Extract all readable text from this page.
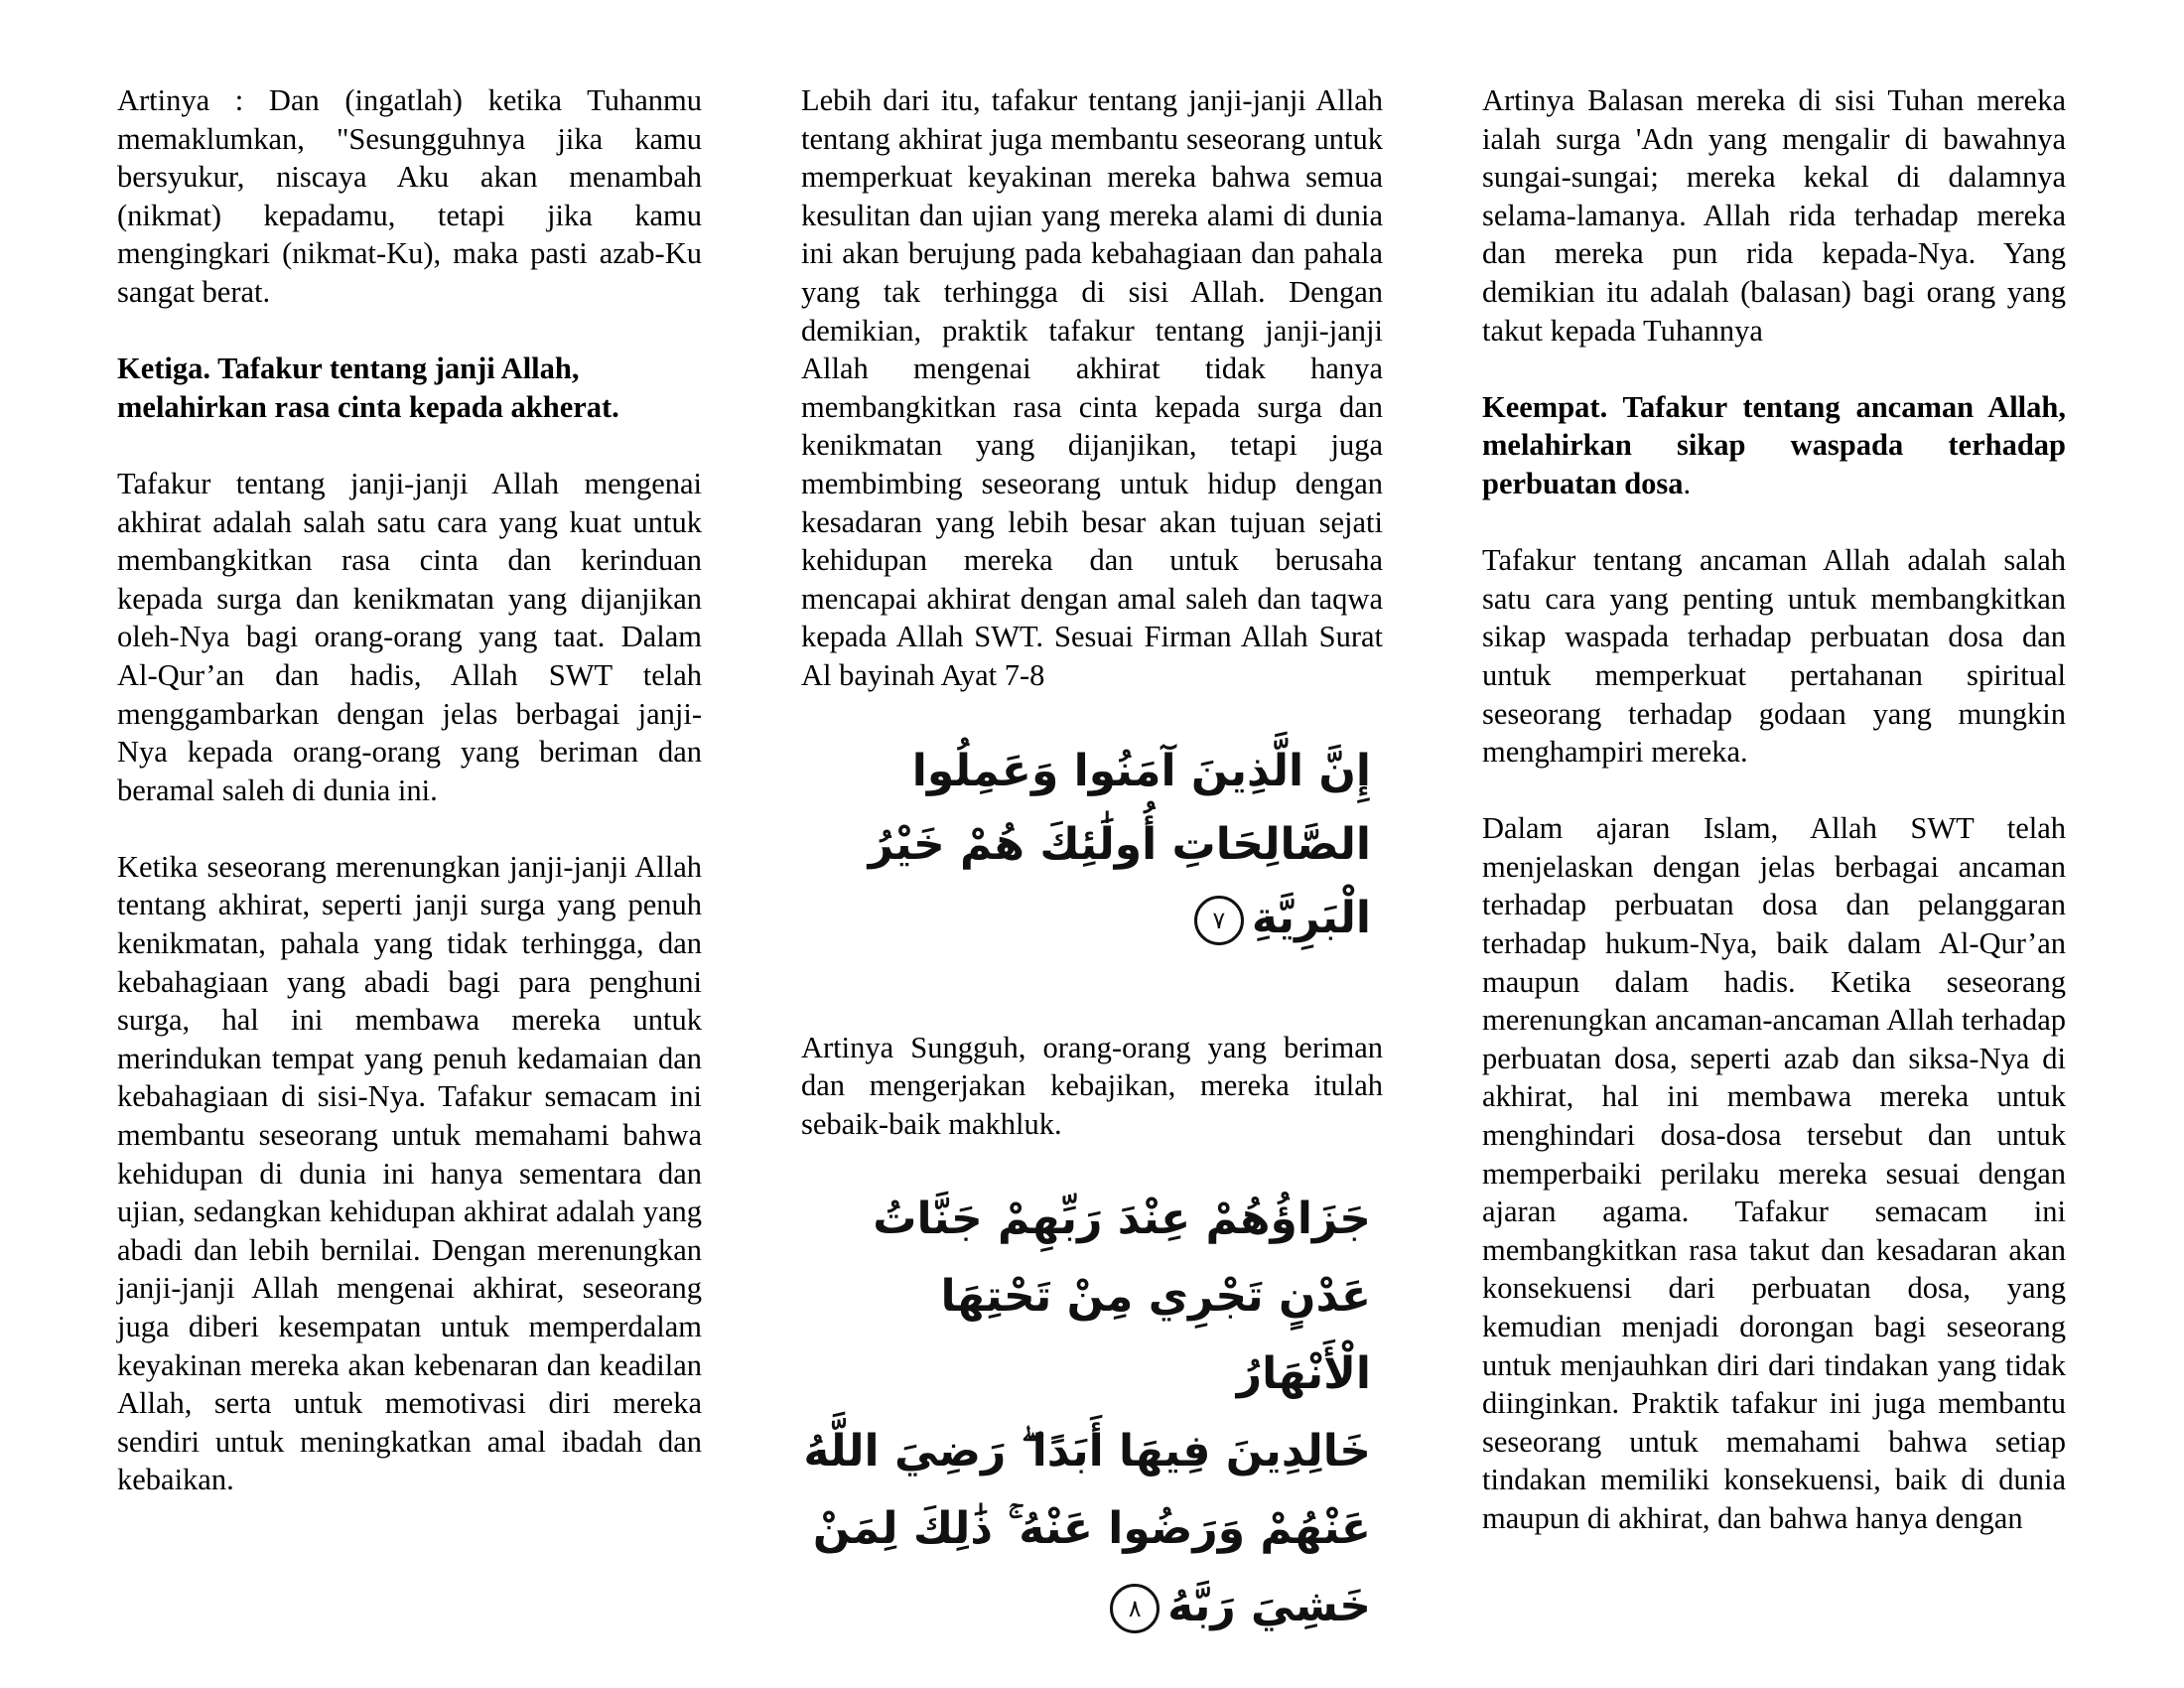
Artinya : Dan (ingatlah) ketika Tuhanmu memaklumkan, "Sesungguhnya jika kamu bersyukur, niscaya Aku akan menambah (nikmat) kepadamu, tetapi jika kamu mengingkari (nikmat-Ku), maka pasti azab-Ku sangat berat.

Ketiga. Tafakur tentang janji Allah,
melahirkan rasa cinta kepada akherat.

Tafakur tentang janji-janji Allah mengenai akhirat adalah salah satu cara yang kuat untuk membangkitkan rasa cinta dan kerinduan kepada surga dan kenikmatan yang dijanjikan oleh-Nya bagi orang-orang yang taat. Dalam Al-Qur’an dan hadis, Allah SWT telah menggambarkan dengan jelas berbagai janji-Nya kepada orang-orang yang beriman dan beramal saleh di dunia ini.

Ketika seseorang merenungkan janji-janji Allah tentang akhirat, seperti janji surga yang penuh kenikmatan, pahala yang tidak terhingga, dan kebahagiaan yang abadi bagi para penghuni surga, hal ini membawa mereka untuk merindukan tempat yang penuh kedamaian dan kebahagiaan di sisi-Nya. Tafakur semacam ini membantu seseorang untuk memahami bahwa kehidupan di dunia ini hanya sementara dan ujian, sedangkan kehidupan akhirat adalah yang abadi dan lebih bernilai. Dengan merenungkan janji-janji Allah mengenai akhirat, seseorang juga diberi kesempatan untuk memperdalam keyakinan mereka akan kebenaran dan keadilan Allah, serta untuk memotivasi diri mereka sendiri untuk meningkatkan amal ibadah dan kebaikan.

Lebih dari itu, tafakur tentang janji-janji Allah tentang akhirat juga membantu seseorang untuk memperkuat keyakinan mereka bahwa semua kesulitan dan ujian yang mereka alami di dunia ini akan berujung pada kebahagiaan dan pahala yang tak terhingga di sisi Allah. Dengan demikian, praktik tafakur tentang janji-janji Allah mengenai akhirat tidak hanya membangkitkan rasa cinta kepada surga dan kenikmatan yang dijanjikan, tetapi juga membimbing seseorang untuk hidup dengan kesadaran yang lebih besar akan tujuan sejati kehidupan mereka dan untuk berusaha mencapai akhirat dengan amal saleh dan taqwa kepada Allah SWT. Sesuai Firman Allah Surat Al bayinah Ayat 7-8

إِنَّ الَّذِينَ آمَنُوا وَعَمِلُوا
الصَّالِحَاتِ أُولَٰئِكَ هُمْ خَيْرُ
الْبَرِيَّةِ٧

Artinya Sungguh, orang-orang yang beriman dan mengerjakan kebajikan, mereka itulah sebaik-baik makhluk.

جَزَاؤُهُمْ عِنْدَ رَبِّهِمْ جَنَّاتُ
عَدْنٍ تَجْرِي مِنْ تَحْتِهَا الْأَنْهَارُ
خَالِدِينَ فِيهَا أَبَدًا ۖ رَضِيَ اللَّهُ
عَنْهُمْ وَرَضُوا عَنْهُ ۚ ذَٰلِكَ لِمَنْ
خَشِيَ رَبَّهُ٨

Artinya Balasan mereka di sisi Tuhan mereka ialah surga 'Adn yang mengalir di bawahnya sungai-sungai; mereka kekal di dalamnya selama-lamanya. Allah rida terhadap mereka dan mereka pun rida kepada-Nya. Yang demikian itu adalah (balasan) bagi orang yang takut kepada Tuhannya

Keempat. Tafakur tentang ancaman Allah, melahirkan sikap waspada terhadap perbuatan dosa.

Tafakur tentang ancaman Allah adalah salah satu cara yang penting untuk membangkitkan sikap waspada terhadap perbuatan dosa dan untuk memperkuat pertahanan spiritual seseorang terhadap godaan yang mungkin menghampiri mereka.

Dalam ajaran Islam, Allah SWT telah menjelaskan dengan jelas berbagai ancaman terhadap perbuatan dosa dan pelanggaran terhadap hukum-Nya, baik dalam Al-Qur’an maupun dalam hadis. Ketika seseorang merenungkan ancaman-ancaman Allah terhadap perbuatan dosa, seperti azab dan siksa-Nya di akhirat, hal ini membawa mereka untuk menghindari dosa-dosa tersebut dan untuk memperbaiki perilaku mereka sesuai dengan ajaran agama. Tafakur semacam ini membangkitkan rasa takut dan kesadaran akan konsekuensi dari perbuatan dosa, yang kemudian menjadi dorongan bagi seseorang untuk menjauhkan diri dari tindakan yang tidak diinginkan. Praktik tafakur ini juga membantu seseorang untuk memahami bahwa setiap tindakan memiliki konsekuensi, baik di dunia maupun di akhirat, dan bahwa hanya dengan
